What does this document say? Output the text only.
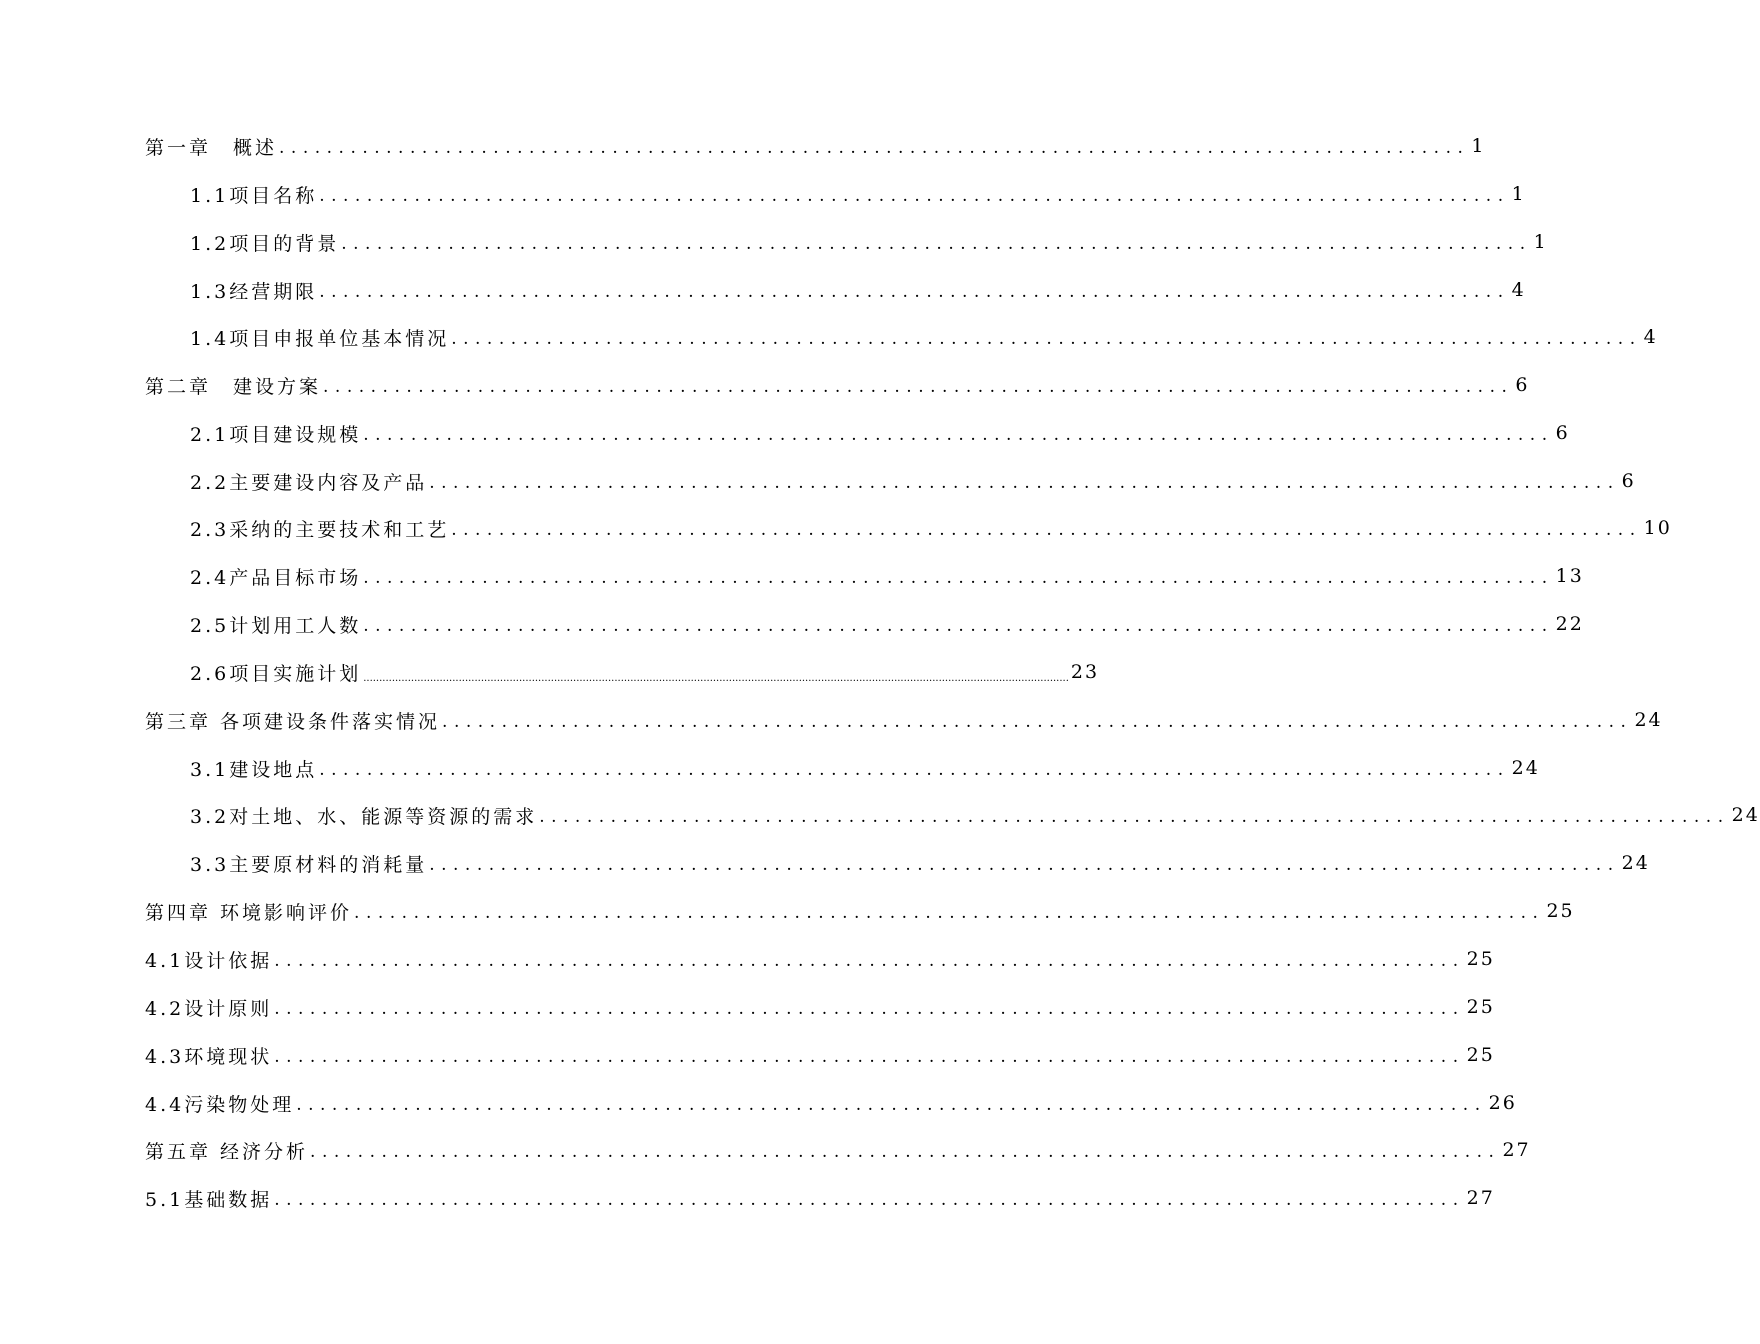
第一章　概述 .................................................................................................... 1
1.1项目名称 .................................................................................................... 1
1.2项目的背景 .................................................................................................... 1
1.3经营期限 .................................................................................................... 4
1.4项目申报单位基本情况 .................................................................................................... 4
第二章　建设方案 .................................................................................................... 6
2.1项目建设规模 .................................................................................................... 6
2.2主要建设内容及产品 .................................................................................................... 6
2.3采纳的主要技术和工艺 .................................................................................................... 10
2.4产品目标市场 .................................................................................................... 13
2.5计划用工人数 .................................................................................................... 22
2.6项目实施计划 .............................................................................................................................................................................................................................. 23
第三章 各项建设条件落实情况 .................................................................................................... 24
3.1建设地点 .................................................................................................... 24
3.2对土地、水、能源等资源的需求 .................................................................................................... 24
3.3主要原材料的消耗量 .................................................................................................... 24
第四章 环境影响评价 .................................................................................................... 25
4.1设计依据 .................................................................................................... 25
4.2设计原则 .................................................................................................... 25
4.3环境现状 .................................................................................................... 25
4.4污染物处理 .................................................................................................... 26
第五章 经济分析 .................................................................................................... 27
5.1基础数据 .................................................................................................... 27
